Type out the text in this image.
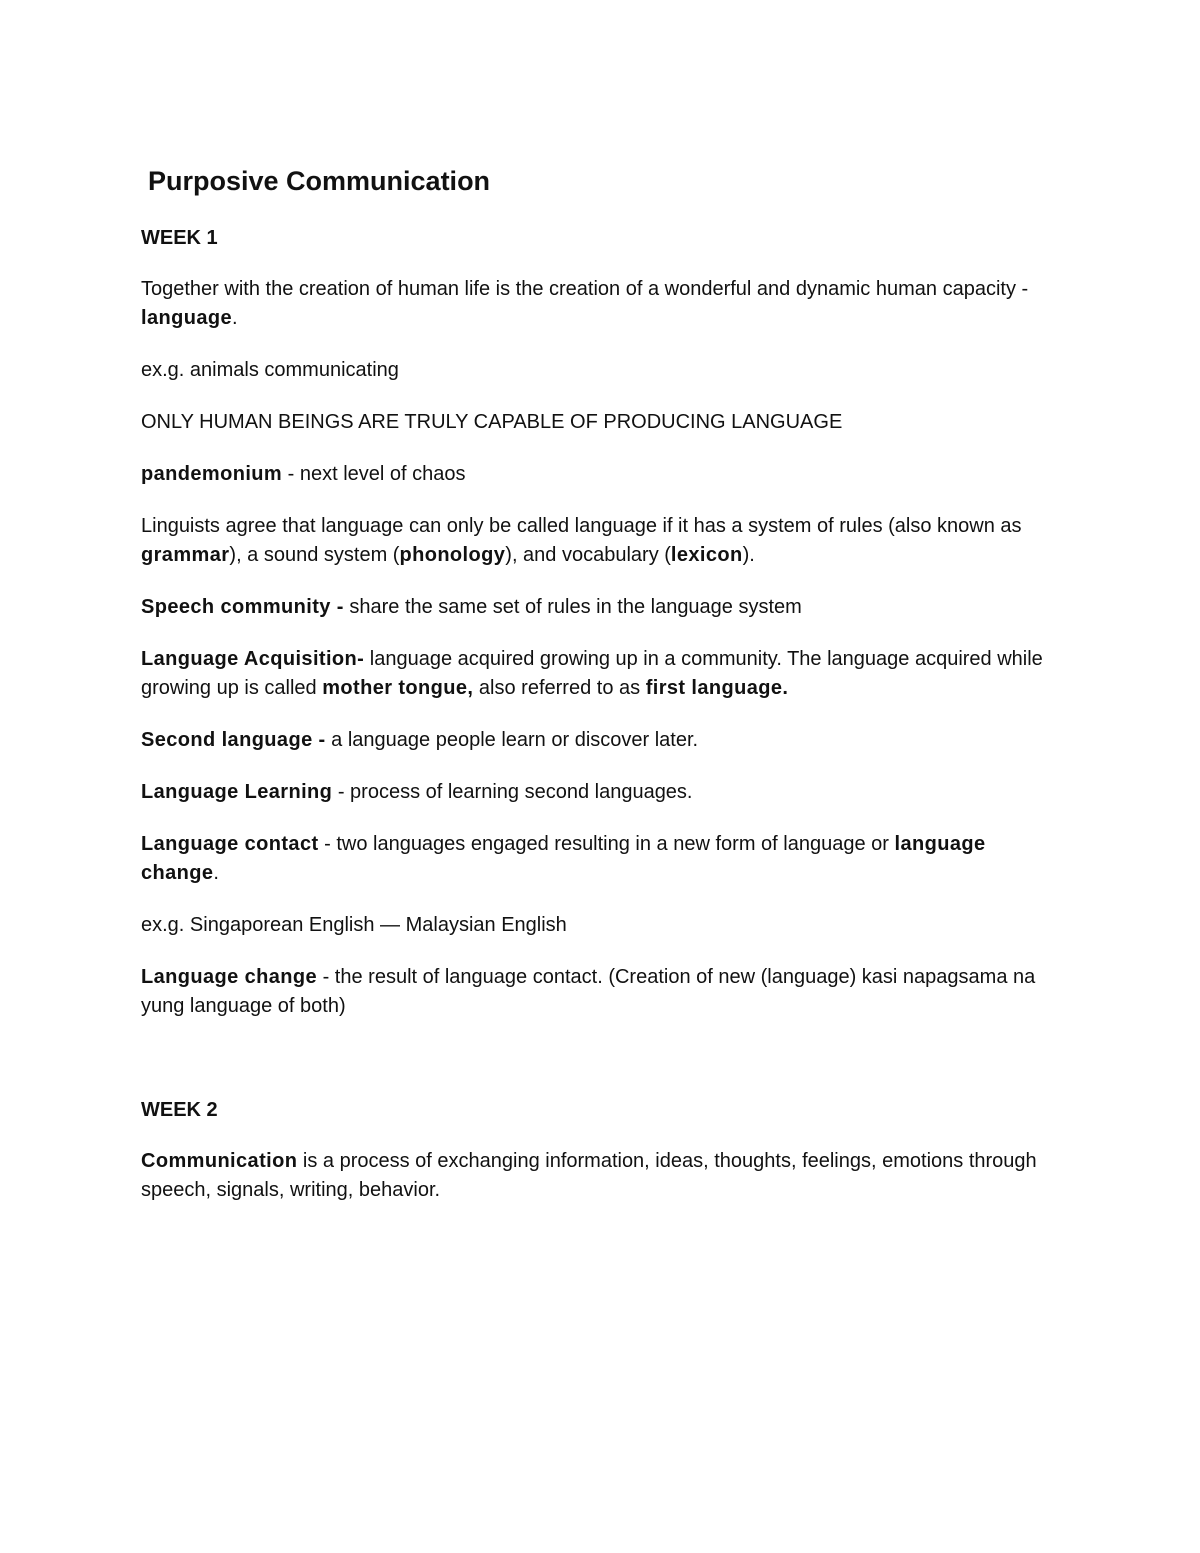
Purposive Communication
WEEK 1

Together with the creation of human life is the creation of a wonderful and dynamic human capacity - language.

ex.g. animals communicating

ONLY HUMAN BEINGS ARE TRULY CAPABLE OF PRODUCING LANGUAGE

pandemonium - next level of chaos

Linguists agree that language can only be called language if it has a system of rules (also known as grammar), a sound system (phonology), and vocabulary (lexicon).

Speech community - share the same set of rules in the language system

Language Acquisition- language acquired growing up in a community. The language acquired while growing up is called mother tongue, also referred to as first language.

Second language - a language people learn or discover later.

Language Learning - process of learning second languages.

Language contact - two languages engaged resulting in a new form of language or language change.

ex.g. Singaporean English — Malaysian English

Language change - the result of language contact. (Creation of new (language) kasi napagsama na yung language of both)

WEEK 2

Communication is a process of exchanging information, ideas, thoughts, feelings, emotions through speech, signals, writing, behavior.
